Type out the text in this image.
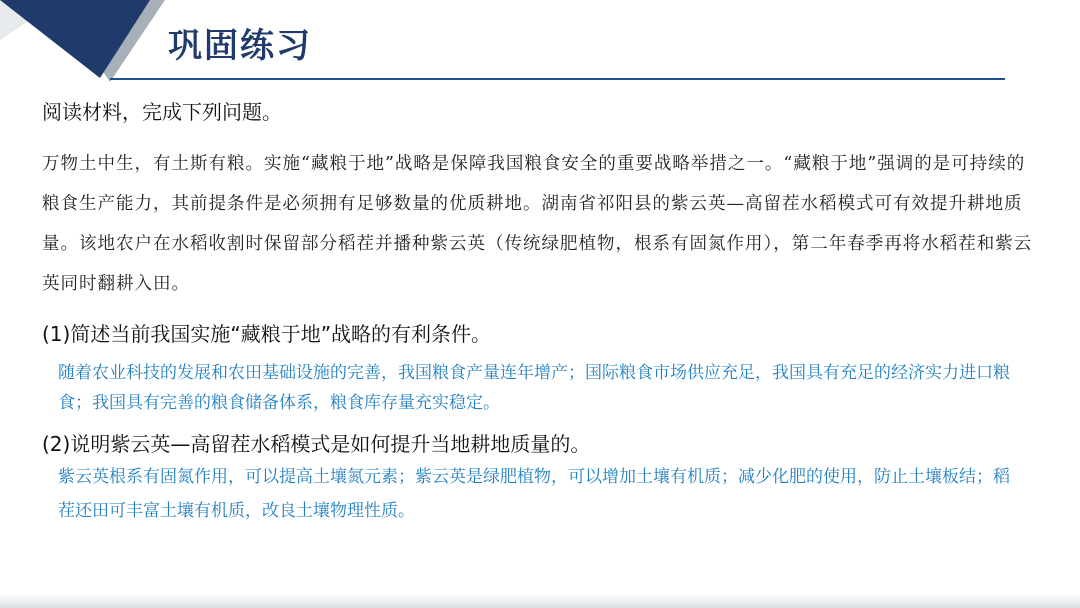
巩固练习
阅读材料，完成下列问题。
万物土中生，有土斯有粮。实施“藏粮于地”战略是保障我国粮食安全的重要战略举措之一。“藏粮于地”强调的是可持续的粮食生产能力，其前提条件是必须拥有足够数量的优质耕地。湖南省祁阳县的紫云英—高留茬水稻模式可有效提升耕地质量。该地农户在水稻收割时保留部分稻茬并播种紫云英（传统绿肥植物，根系有固氮作用），第二年春季再将水稻茬和紫云英同时翻耕入田。
(1)简述当前我国实施“藏粮于地”战略的有利条件。
随着农业科技的发展和农田基础设施的完善，我国粮食产量连年增产；国际粮食市场供应充足，我国具有充足的经济实力进口粮食；我国具有完善的粮食储备体系，粮食库存量充实稳定。
(2)说明紫云英—高留茬水稻模式是如何提升当地耕地质量的。
紫云英根系有固氮作用，可以提高土壤氮元素；紫云英是绿肥植物，可以增加土壤有机质；减少化肥的使用，防止土壤板结；稻茬还田可丰富土壤有机质，改良土壤物理性质。
